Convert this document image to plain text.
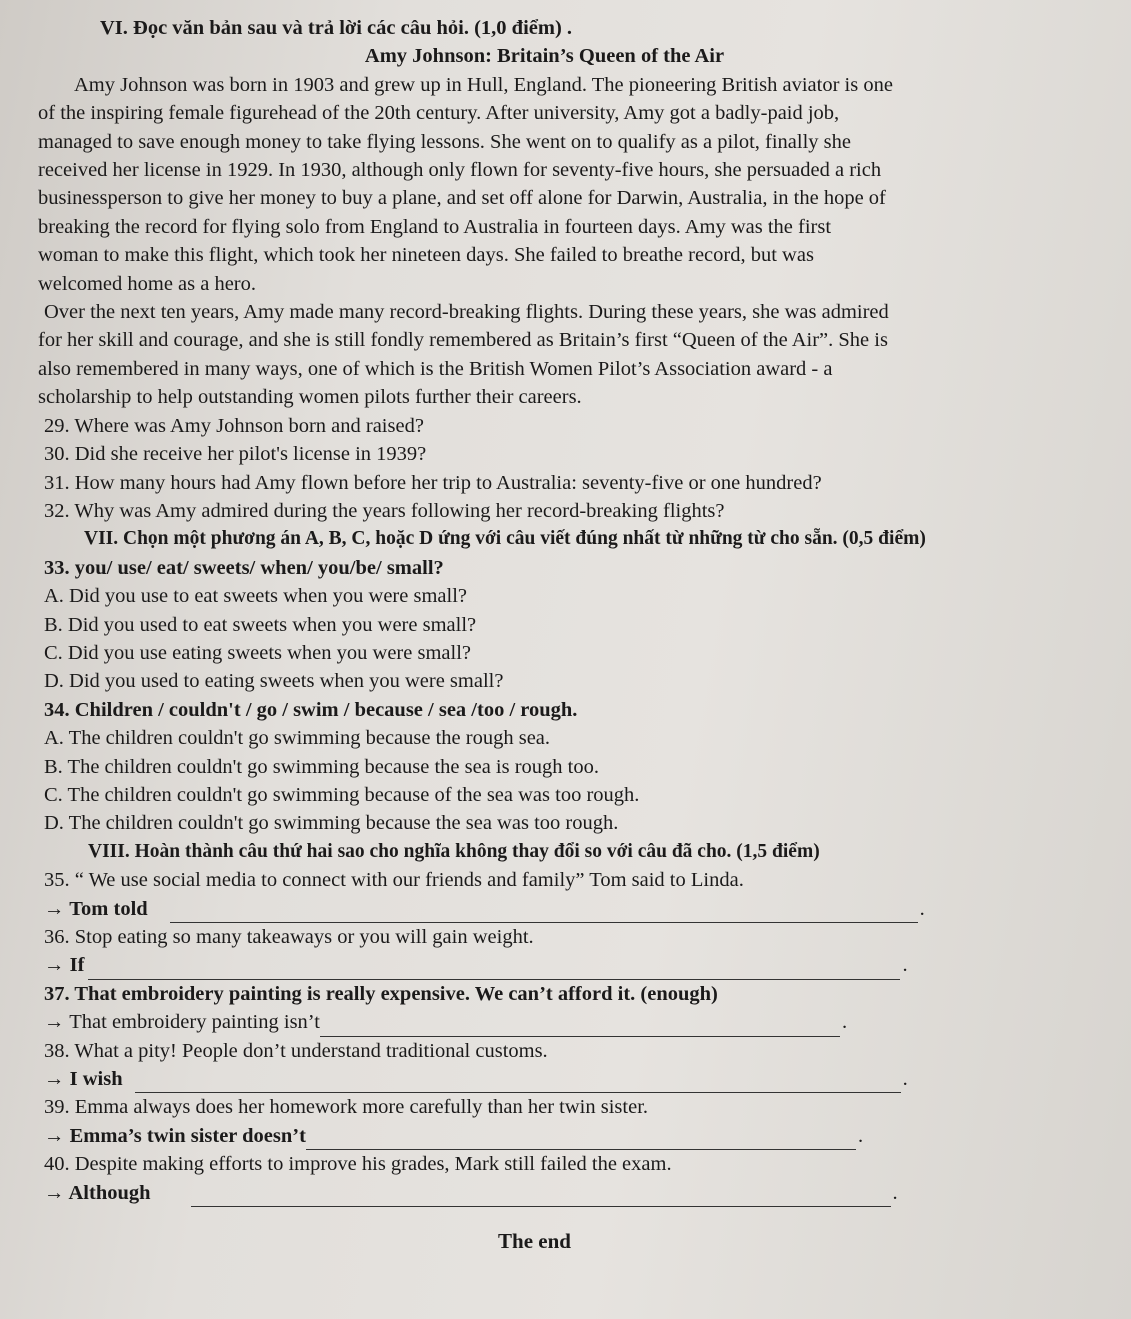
VI. Đọc văn bản sau và trả lời các câu hỏi. (1,0 điểm) .
Amy Johnson: Britain’s Queen of the Air
Amy Johnson was born in 1903 and grew up in Hull, England. The pioneering British aviator is one
of the inspiring female figurehead of the 20th century. After university, Amy got a badly-paid job,
managed to save enough money to take flying lessons. She went on to qualify as a pilot, finally she
received her license in 1929. In 1930, although only flown for seventy-five hours, she persuaded a rich
businessperson to give her money to buy a plane, and set off alone for Darwin, Australia, in the hope of
breaking the record for flying solo from England to Australia in fourteen days. Amy was the first
woman to make this flight, which took her nineteen days. She failed to breathe record, but was
welcomed home as a hero.
Over the next ten years, Amy made many record-breaking flights. During these years, she was admired
for her skill and courage, and she is still fondly remembered as Britain’s first “Queen of the Air”. She is
also remembered in many ways, one of which is the British Women Pilot’s Association award - a
scholarship to help outstanding women pilots further their careers.
29. Where was Amy Johnson born and raised?
30. Did she receive her pilot's license in 1939?
31. How many hours had Amy flown before her trip to Australia: seventy-five or one hundred?
32. Why was Amy admired during the years following her record-breaking flights?
VII. Chọn một phương án A, B, C, hoặc D ứng với câu viết đúng nhất từ những từ cho sẵn. (0,5 điểm)
33. you/ use/ eat/ sweets/ when/ you/be/ small?
A. Did you use to eat sweets when you were small?
B. Did you used to eat sweets when you were small?
C. Did you use eating sweets when you were small?
D. Did you used to eating sweets when you were small?
34. Children / couldn't / go / swim / because / sea /too / rough.
A. The children couldn't go swimming because the rough sea.
B. The children couldn't go swimming because the sea is rough too.
C. The children couldn't go swimming because of the sea was too rough.
D. The children couldn't go swimming because the sea was too rough.
VIII. Hoàn thành câu thứ hai sao cho nghĩa không thay đổi so với câu đã cho. (1,5 điểm)
35. “ We use social media to connect with our friends and family” Tom said to Linda.
→ Tom told	.
36. Stop eating so many takeaways or you will gain weight.
→ If	.
37. That embroidery painting is really expensive. We can’t afford it. (enough)
→ That embroidery painting isn’t	.
38. What a pity! People don’t understand traditional customs.
→ I wish	.
39. Emma always does her homework more carefully than her twin sister.
→ Emma’s twin sister doesn’t	.
40. Despite making efforts to improve his grades, Mark still failed the exam.
→ Although	.
The end
